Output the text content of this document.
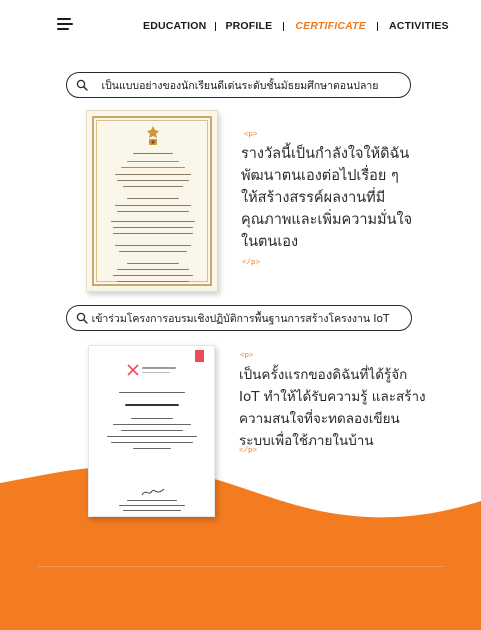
EDUCATION PROFILE CERTIFICATE ACTIVITIES
เป็นแบบอย่างของนักเรียนดีเด่นระดับชั้นมัธยมศึกษาตอนปลาย
<p>
รางวัลนี้เป็นกำลังใจให้ดิฉัน
พัฒนาตนเองต่อไปเรื่อย ๆ
ให้สร้างสรรค์ผลงานที่มี
คุณภาพและเพิ่มความมั่นใจ
ในตนเอง
</p>
เข้าร่วมโครงการอบรมเชิงปฏิบัติการพื้นฐานการสร้างโครงงาน IoT
<p>
เป็นครั้งแรกของดิฉันที่ได้รู้จัก
IoT ทำให้ได้รับความรู้ และสร้าง
ความสนใจที่จะทดลองเขียน
ระบบเพื่อใช้ภายในบ้าน
</p>
